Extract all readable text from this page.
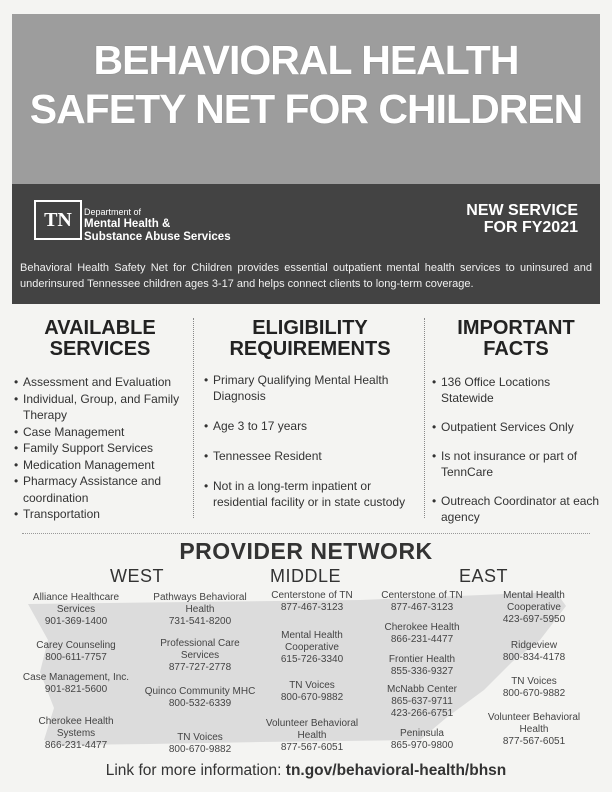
BEHAVIORAL HEALTH
SAFETY NET FOR CHILDREN
TN	Department of
Mental Health &
Substance Abuse Services
NEW SERVICE
FOR FY2021
Behavioral Health Safety Net for Children provides essential outpatient mental health services to uninsured and underinsured Tennessee children ages 3-17 and helps connect clients to long-term coverage.
AVAILABLE
SERVICES
• Assessment and Evaluation
• Individual, Group, and Family Therapy
• Case Management
• Family Support Services
• Medication Management
• Pharmacy Assistance and coordination
• Transportation
ELIGIBILITY
REQUIREMENTS
• Primary Qualifying Mental Health Diagnosis
• Age 3 to 17 years
• Tennessee Resident
• Not in a long-term inpatient or residential facility or in state custody
IMPORTANT
FACTS
• 136 Office Locations Statewide
• Outpatient Services Only
• Is not insurance or part of TennCare
• Outreach Coordinator at each agency
PROVIDER NETWORK
WEST	MIDDLE	EAST
Alliance Healthcare Services
901-369-1400
Carey Counseling
800-611-7757
Case Management, Inc.
901-821-5600
Cherokee Health Systems
866-231-4477
Pathways Behavioral Health
731-541-8200
Professional Care Services
877-727-2778
Quinco Community MHC
800-532-6339
TN Voices
800-670-9882
Centerstone of TN
877-467-3123
Mental Health Cooperative
615-726-3340
TN Voices
800-670-9882
Volunteer Behavioral Health
877-567-6051
Centerstone of TN
877-467-3123
Cherokee Health
866-231-4477
Frontier Health
855-336-9327
McNabb Center
865-637-9711
423-266-6751
Peninsula
865-970-9800
Mental Health Cooperative
423-697-5950
Ridgeview
800-834-4178
TN Voices
800-670-9882
Volunteer Behavioral Health
877-567-6051
Link for more information: tn.gov/behavioral-health/bhsn
